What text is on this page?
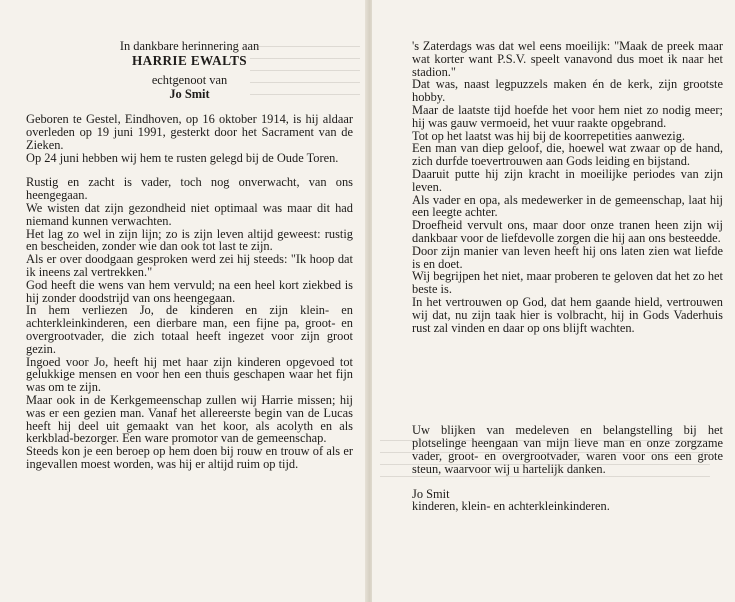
In dankbare herinnering aan

HARRIE EWALTS

echtgenoot van

Jo Smit

Geboren te Gestel, Eindhoven, op 16 oktober 1914, is hij aldaar overleden op 19 juni 1991, gesterkt door het Sacrament van de Zieken.

Op 24 juni hebben wij hem te rusten gelegd bij de Oude Toren.

Rustig en zacht is vader, toch nog onverwacht, van ons heengegaan.

We wisten dat zijn gezondheid niet optimaal was maar dit had niemand kunnen verwachten.

Het lag zo wel in zijn lijn; zo is zijn leven altijd geweest: rustig en bescheiden, zonder wie dan ook tot last te zijn.

Als er over doodgaan gesproken werd zei hij steeds: "Ik hoop dat ik ineens zal vertrekken."

God heeft die wens van hem vervuld; na een heel kort ziekbed is hij zonder doodstrijd van ons heengegaan.

In hem verliezen Jo, de kinderen en zijn klein- en achterkleinkinderen, een dierbare man, een fijne pa, groot- en overgrootvader, die zich totaal heeft ingezet voor zijn groot gezin.

Ingoed voor Jo, heeft hij met haar zijn kinderen opgevoed tot gelukkige mensen en voor hen een thuis geschapen waar het fijn was om te zijn.

Maar ook in de Kerkgemeenschap zullen wij Harrie missen; hij was er een gezien man. Vanaf het allereerste begin van de Lucas heeft hij deel uit gemaakt van het koor, als acolyth en als kerkblad-bezorger. Een ware promotor van de gemeenschap.

Steeds kon je een beroep op hem doen bij rouw en trouw of als er ingevallen moest worden, was hij er altijd ruim op tijd.

's Zaterdags was dat wel eens moeilijk: "Maak de preek maar wat korter want P.S.V. speelt vanavond dus moet ik naar het stadion."

Dat was, naast legpuzzels maken én de kerk, zijn grootste hobby.

Maar de laatste tijd hoefde het voor hem niet zo nodig meer; hij was gauw vermoeid, het vuur raakte opgebrand.

Tot op het laatst was hij bij de koorrepetities aanwezig.

Een man van diep geloof, die, hoewel wat zwaar op de hand, zich durfde toevertrouwen aan Gods leiding en bijstand.

Daaruit putte hij zijn kracht in moeilijke periodes van zijn leven.

Als vader en opa, als medewerker in de gemeenschap, laat hij een leegte achter.

Droefheid vervult ons, maar door onze tranen heen zijn wij dankbaar voor de liefdevolle zorgen die hij aan ons besteedde.

Door zijn manier van leven heeft hij ons laten zien wat liefde is en doet.

Wij begrijpen het niet, maar proberen te geloven dat het zo het beste is.

In het vertrouwen op God, dat hem gaande hield, vertrouwen wij dat, nu zijn taak hier is volbracht, hij in Gods Vaderhuis rust zal vinden en daar op ons blijft wachten.

Uw blijken van medeleven en belangstelling bij het plotselinge heengaan van mijn lieve man en onze zorgzame vader, groot- en overgrootvader, waren voor ons een grote steun, waarvoor wij u hartelijk danken.

Jo Smit

kinderen, klein- en achterkleinkinderen.
